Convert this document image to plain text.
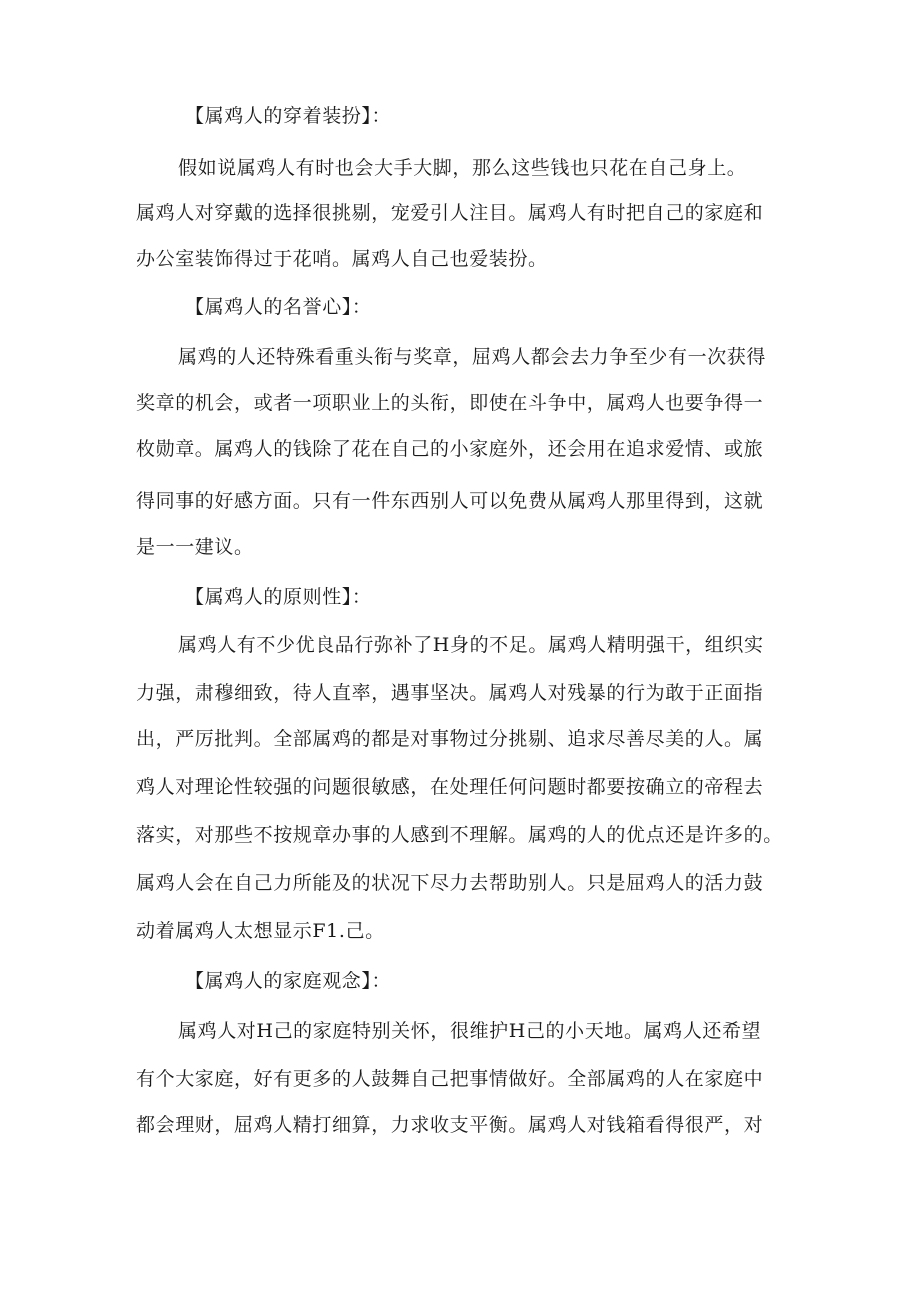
【属鸡人的穿着装扮】：
假如说属鸡人有时也会大手大脚，那么这些钱也只花在自己身上。
属鸡人对穿戴的选择很挑剔，宠爱引人注目。属鸡人有时把自己的家庭和
办公室装饰得过于花哨。属鸡人自己也爱装扮。
【属鸡人的名誉心】：
属鸡的人还特殊看重头衔与奖章，屈鸡人都会去力争至少有一次获得
奖章的机会，或者一项职业上的头衔，即使在斗争中，属鸡人也要争得一
枚勋章。属鸡人的钱除了花在自己的小家庭外，还会用在追求爱情、或旅
得同事的好感方面。只有一件东西别人可以免费从属鸡人那里得到，这就
是一一建议。
【属鸡人的原则性】：
属鸡人有不少优良品行弥补了H身的不足。属鸡人精明强干，组织实
力强，肃穆细致，待人直率，遇事坚决。属鸡人对残暴的行为敢于正面指
出，严厉批判。全部属鸡的都是对事物过分挑剔、追求尽善尽美的人。属
鸡人对理论性较强的问题很敏感，在处理任何问题时都要按确立的帝程去
落实，对那些不按规章办事的人感到不理解。属鸡的人的优点还是许多的。
属鸡人会在自己力所能及的状况下尽力去帮助别人。只是屈鸡人的活力鼓
动着属鸡人太想显示F1.己。
【属鸡人的家庭观念】：
属鸡人对H己的家庭特别关怀，很维护H己的小天地。属鸡人还希望
有个大家庭，好有更多的人鼓舞自己把事情做好。全部属鸡的人在家庭中
都会理财，屈鸡人精打细算，力求收支平衡。属鸡人对钱箱看得很严，对
